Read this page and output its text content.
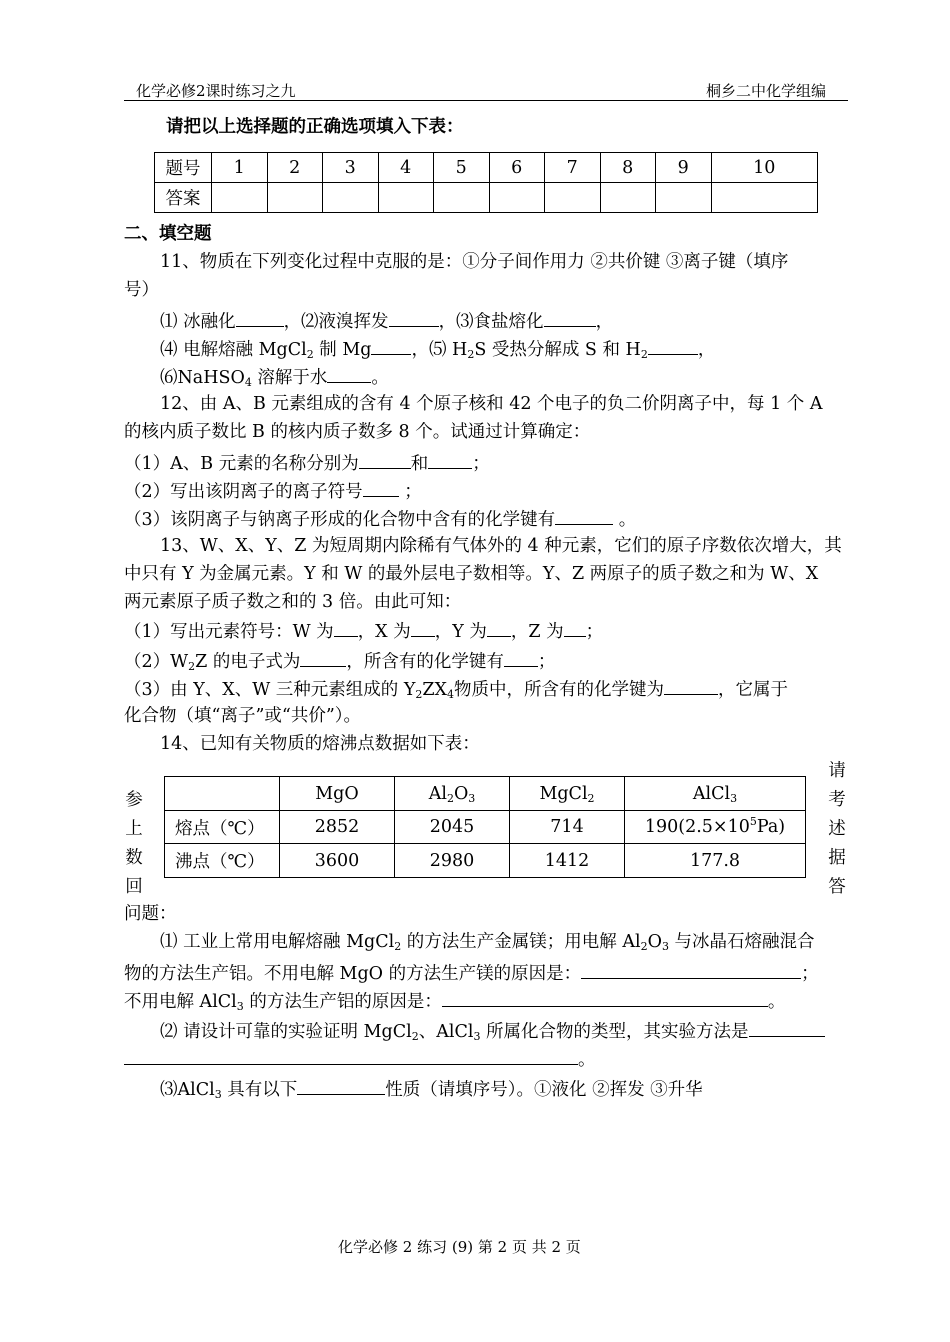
化学必修2课时练习之九	桐乡二中化学组编
请把以上选择题的正确选项填入下表：
题号	1	2	3	4	5	6	7	8	9	10
答案										
二、填空题
11、物质在下列变化过程中克服的是：①分子间作用力 ②共价键 ③离子键（填序
号）
⑴ 冰融化	，⑵液溴挥发	，⑶食盐熔化	，
⑷ 电解熔融 MgCl$_2$ 制 Mg ，⑸ $H_2S$ 受热分解成 S 和 $H_2$	，
⑹NaHSO$_4$ 溶解于水	。
12、由 A、B 元素组成的含有 4 个原子核和 42 个电子的负二价阴离子中，每 1 个 A
的核内质子数比 B 的核内质子数多 8 个。试通过计算确定：
（1）A、B 元素的名称分别为	和	；
（2）写出该阴离子的离子符号 ；
（3）该阴离子与钠离子形成的化合物中含有的化学键有	。
13、W、X、Y、Z 为短周期内除稀有气体外的 4 种元素，它们的原子序数依次增大，其
中只有 Y 为金属元素。Y 和 W 的最外层电子数相等。Y、Z 两原子的质子数之和为 W、X
两元素原子质子数之和的 3 倍。由此可知：
（1）写出元素符号：W 为 ，X 为 ，Y 为 ，Z 为 ；
$(2)W_2Z$ 的电子式为	，所含有的化学键有 ；
（3）由 Y、X、W 三种元素组成的 $Y_2ZX_4$物质中，所含有的化学键为	，它属于
化合物（填“离子”或“共价”）。
14、已知有关物质的熔沸点数据如下表：
参
上
数
回
请
考
述
据
答
	MgO	$Al_2O_3$	MgCl$_2$	AlCl$_3$
熔点（℃）	2852	2045	714	$190(2.5\times 10^5Pa)$
沸点（℃）	3600	2980	1412	177.8
问题：
⑴ 工业上常用电解熔融 MgCl$_2$ 的方法生产金属镁；用电解 $Al_2O_3$ 与冰晶石熔融混合
物的方法生产铝。不用电解 MgO 的方法生产镁的原因是：	；
不用电解 AlCl$_3$ 的方法生产铝的原因是：	。
⑵ 请设计可靠的实验证明 MgCl$_2$、AlCl$_3$ 所属化合物的类型，其实验方法是
。
⑶AlCl$_3$ 具有以下	性质（请填序号）。①液化 ②挥发 ③升华
化学必修 2 练习 (9) 第 2 页 共 2 页
